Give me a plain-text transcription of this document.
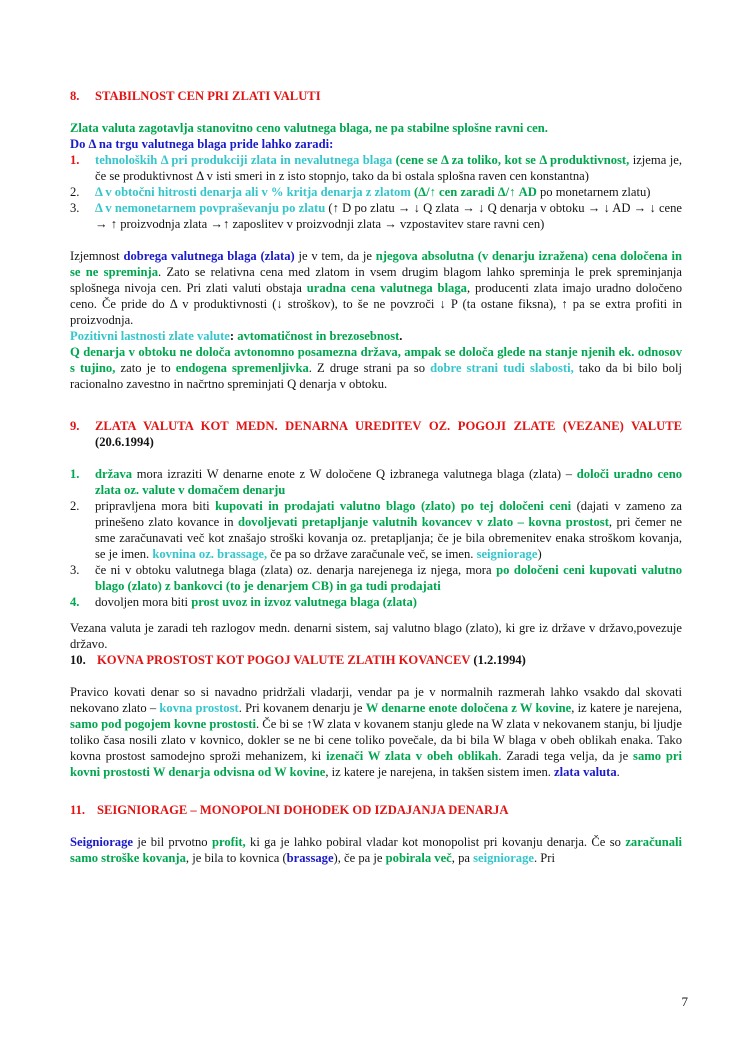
8.	STABILNOST CEN PRI ZLATI VALUTI
Zlata valuta zagotavlja stanovitno ceno valutnega blaga, ne pa stabilne splošne ravni cen.
Do Δ na trgu valutnega blaga pride lahko zaradi:
1.	tehnoloških Δ pri produkciji zlata in nevalutnega blaga (cene se Δ za toliko, kot se Δ produktivnost, izjema je, če se produktivnost Δ v isti smeri in z isto stopnjo, tako da bi ostala splošna raven cen konstantna)
2.	Δ v obtočni hitrosti denarja ali v % kritja denarja z zlatom (Δ/↑ cen zaradi Δ/↑ AD po monetarnem zlatu)
3.	Δ v nemonetarnem povpraševanju po zlatu (↑ D po zlatu → ↓ Q zlata → ↓ Q denarja v obtoku → ↓ AD → ↓ cene → ↑ proizvodnja zlata →↑ zaposlitev v proizvodnji zlata → vzpostavitev stare ravni cen)
Izjemnost dobrega valutnega blaga (zlata) je v tem, da je njegova absolutna (v denarju izražena) cena določena in se ne spreminja. Zato se relativna cena med zlatom in vsem drugim blagom lahko spreminja le prek spreminjanja splošnega nivoja cen. Pri zlati valuti obstaja uradna cena valutnega blaga, producenti zlata imajo uradno določeno ceno. Če pride do Δ v produktivnosti (↓ stroškov), to še ne povzroči ↓ P (ta ostane fiksna), ↑ pa se extra profiti in proizvodnja.
Pozitivni lastnosti zlate valute: avtomatičnost in brezosebnost.
Q denarja v obtoku ne določa avtonomno posamezna država, ampak se določa glede na stanje njenih ek. odnosov s tujino, zato je to endogena spremenljivka. Z druge strani pa so dobre strani tudi slabosti, tako da bi bilo bolj racionalno zavestno in načrtno spreminjati Q denarja v obtoku.
9.	ZLATA VALUTA KOT MEDN. DENARNA UREDITEV OZ. POGOJI ZLATE (VEZANE) VALUTE (20.6.1994)
1.	država mora izraziti W denarne enote z W določene Q izbranega valutnega blaga (zlata) – določi uradno ceno zlata oz. valute v domačem denarju
2.	pripravljena mora biti kupovati in prodajati valutno blago (zlato) po tej določeni ceni (dajati v zameno za prinešeno zlato kovance in dovoljevati pretapljanje valutnih kovancev v zlato – kovna prostost, pri čemer ne sme zaračunavati več kot znašajo stroški kovanja oz. pretapljanja; če je bila obremenitev enaka stroškom kovanja, se je imen. kovnina oz. brassage, če pa so države zaračunale več, se imen. seigniorage)
3.	če ni v obtoku valutnega blaga (zlata) oz. denarja narejenega iz njega, mora po določeni ceni kupovati valutno blago (zlato) z bankovci (to je denarjem CB) in ga tudi prodajati
4.	dovoljen mora biti prost uvoz in izvoz valutnega blaga (zlata)
Vezana valuta je zaradi teh razlogov medn. denarni sistem, saj valutno blago (zlato), ki gre iz države v državo,povezuje državo.
10. KOVNA PROSTOST KOT POGOJ VALUTE ZLATIH KOVANCEV (1.2.1994)
Pravico kovati denar so si navadno pridržali vladarji, vendar pa je v normalnih razmerah lahko vsakdo dal skovati nekovano zlato – kovna prostost. Pri kovanem denarju je W denarne enote določena z W kovine, iz katere je narejena, samo pod pogojem kovne prostosti. Če bi se ↑W zlata v kovanem stanju glede na W zlata v nekovanem stanju, bi ljudje toliko časa nosili zlato v kovnico, dokler se ne bi cene toliko povečale, da bi bila W blaga v obeh oblikah enaka. Tako kovna prostost samodejno sproži mehanizem, ki izenači W zlata v obeh oblikah. Zaradi tega velja, da je samo pri kovni prostosti W denarja odvisna od W kovine, iz katere je narejena, in takšen sistem imen. zlata valuta.
11. SEIGNIORAGE – MONOPOLNI DOHODEK OD IZDAJANJA DENARJA
Seigniorage je bil prvotno profit, ki ga je lahko pobiral vladar kot monopolist pri kovanju denarja. Če so zaračunali samo stroške kovanja, je bila to kovnica (brassage), če pa je pobirala več, pa seigniorage. Pri
7
